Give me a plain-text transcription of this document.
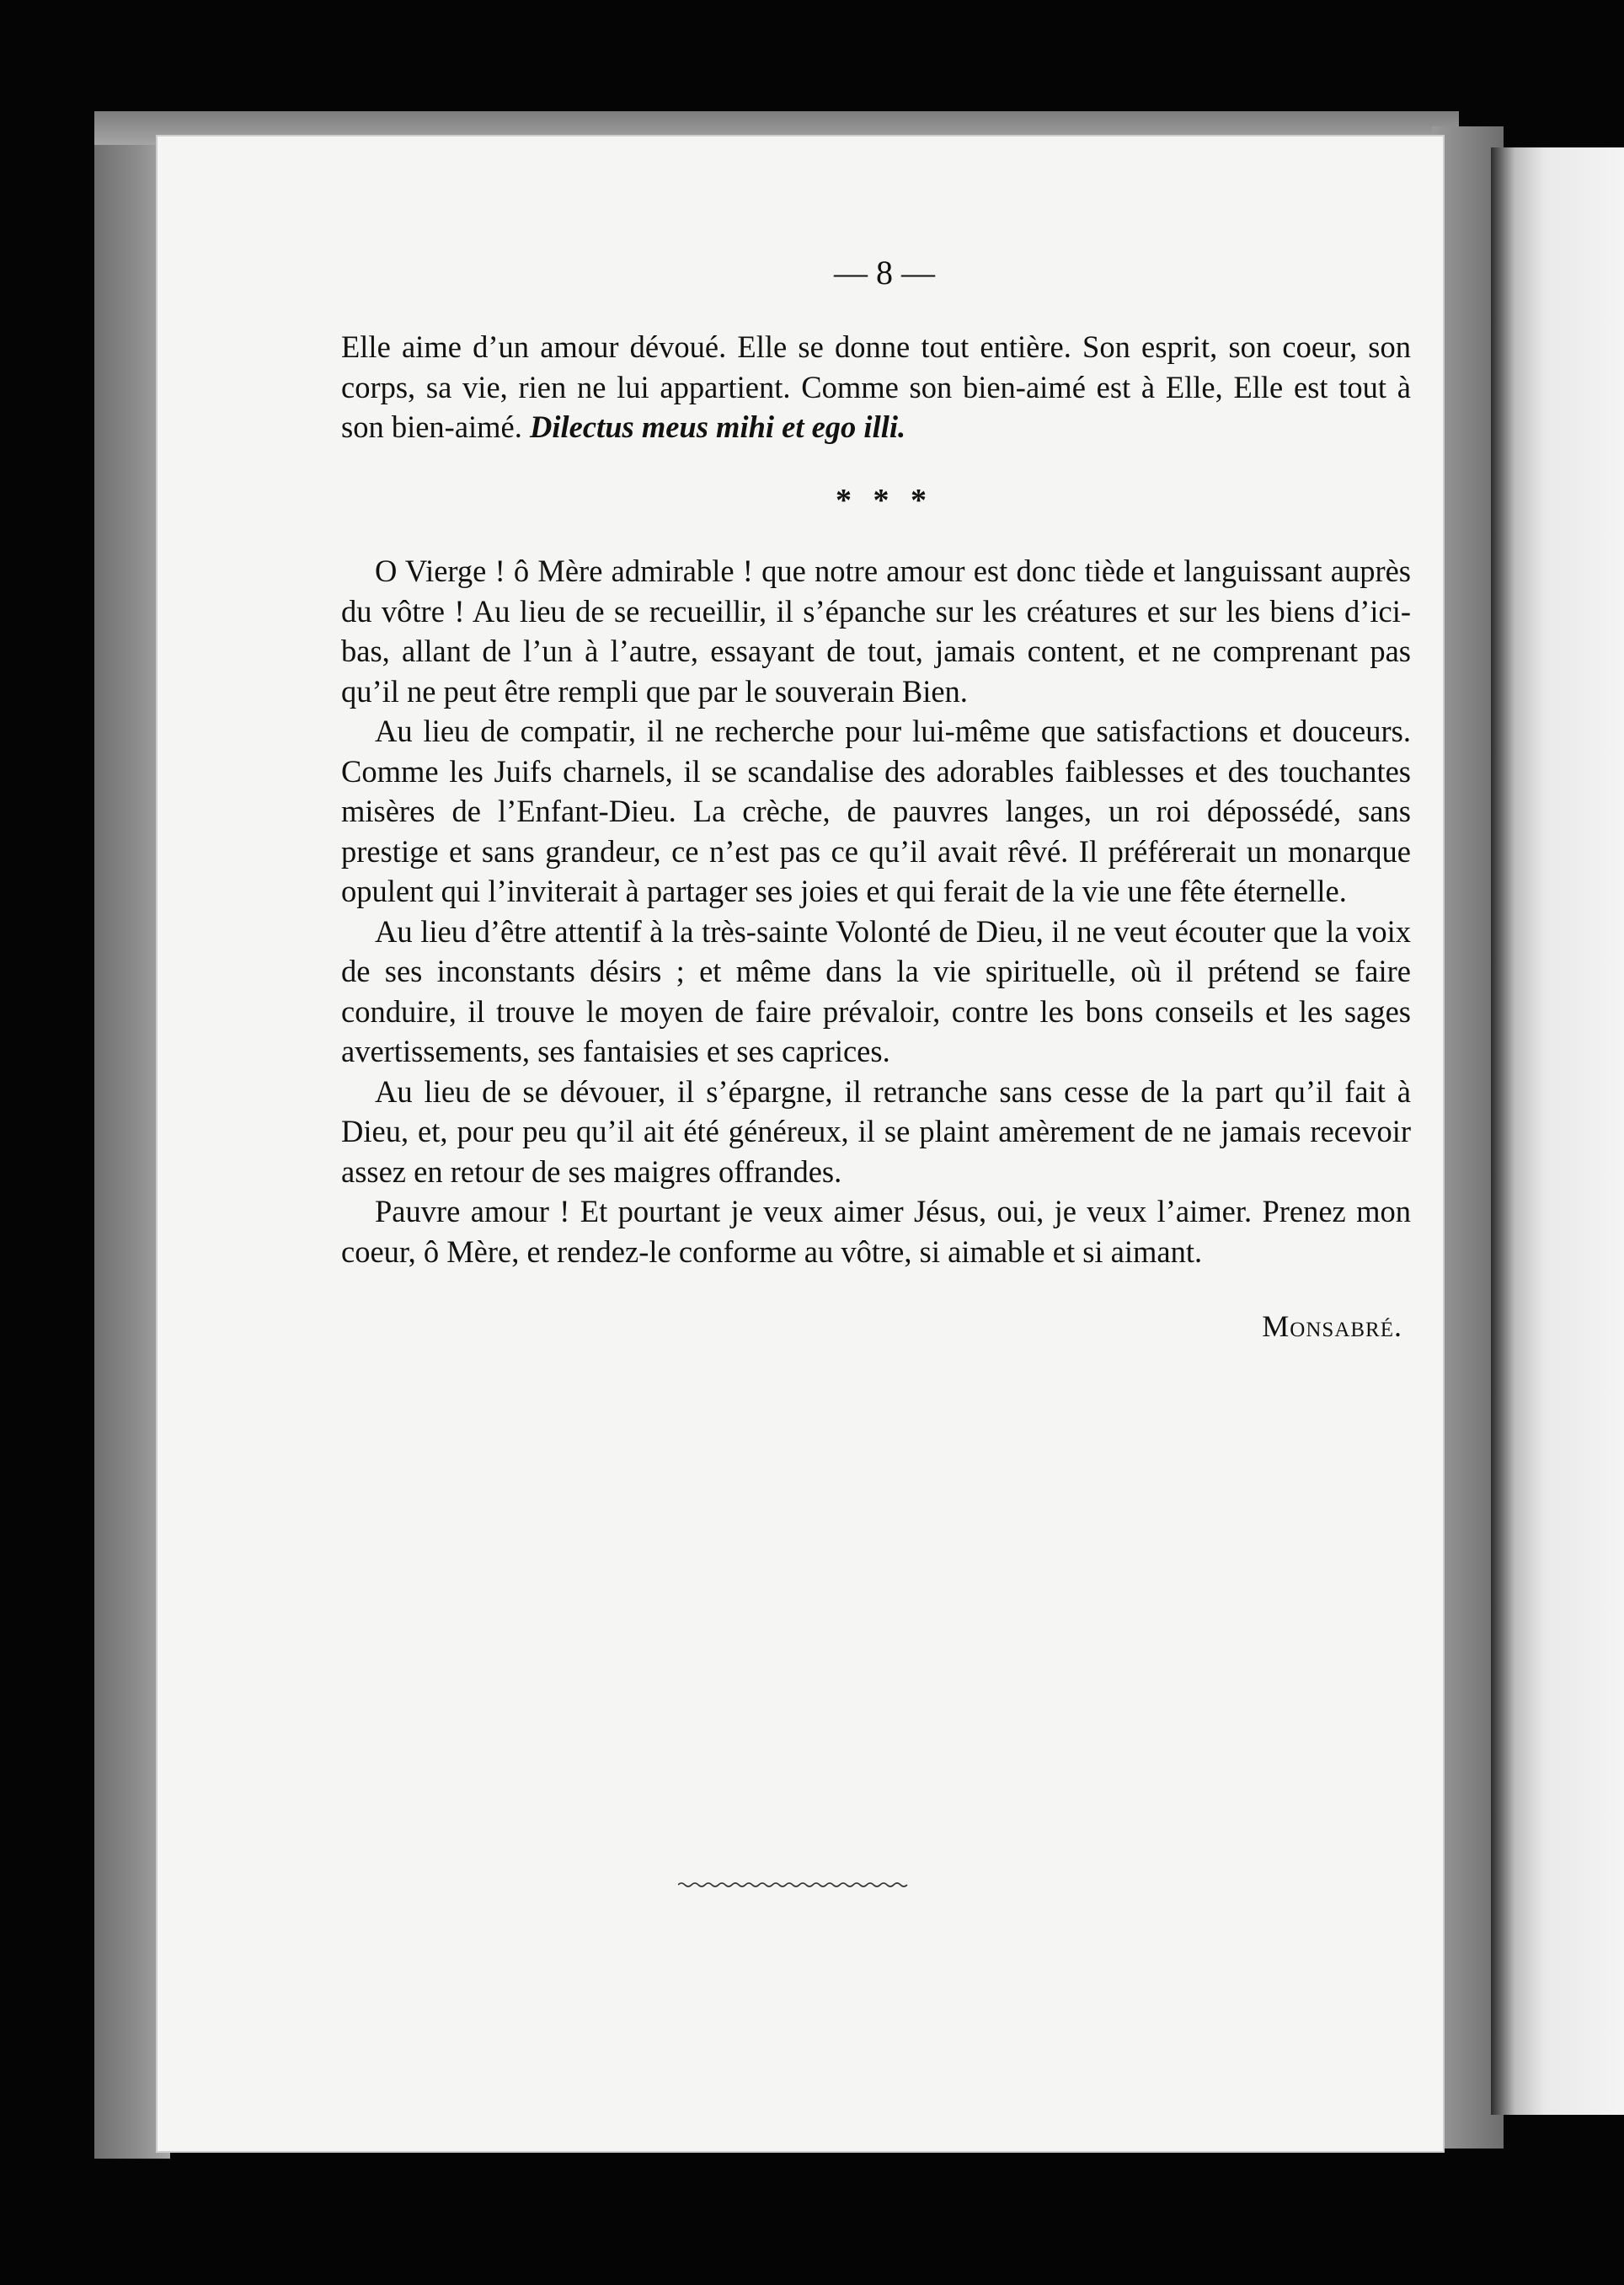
— 8 —

Elle aime d’un amour dévoué. Elle se donne tout entière. Son esprit, son coeur, son corps, sa vie, rien ne lui appartient. Comme son bien-aimé est à Elle, Elle est tout à son bien-aimé. Dilectus meus mihi et ego illi.

* * *

O Vierge ! ô Mère admirable ! que notre amour est donc tiède et languissant auprès du vôtre ! Au lieu de se recueillir, il s’épanche sur les créatures et sur les biens d’ici-bas, allant de l’un à l’autre, essayant de tout, jamais content, et ne comprenant pas qu’il ne peut être rempli que par le souverain Bien.

Au lieu de compatir, il ne recherche pour lui-même que satisfactions et douceurs. Comme les Juifs charnels, il se scandalise des adorables faiblesses et des touchantes misères de l’Enfant-Dieu. La crèche, de pauvres langes, un roi dépossédé, sans prestige et sans grandeur, ce n’est pas ce qu’il avait rêvé. Il préférerait un monarque opulent qui l’inviterait à partager ses joies et qui ferait de la vie une fête éternelle.

Au lieu d’être attentif à la très-sainte Volonté de Dieu, il ne veut écouter que la voix de ses inconstants désirs ; et même dans la vie spirituelle, où il prétend se faire conduire, il trouve le moyen de faire prévaloir, contre les bons conseils et les sages avertissements, ses fantaisies et ses caprices.

Au lieu de se dévouer, il s’épargne, il retranche sans cesse de la part qu’il fait à Dieu, et, pour peu qu’il ait été généreux, il se plaint amèrement de ne jamais recevoir assez en retour de ses maigres offrandes.

Pauvre amour ! Et pourtant je veux aimer Jésus, oui, je veux l’aimer. Prenez mon coeur, ô Mère, et rendez-le conforme au vôtre, si aimable et si aimant.

Monsabré.
